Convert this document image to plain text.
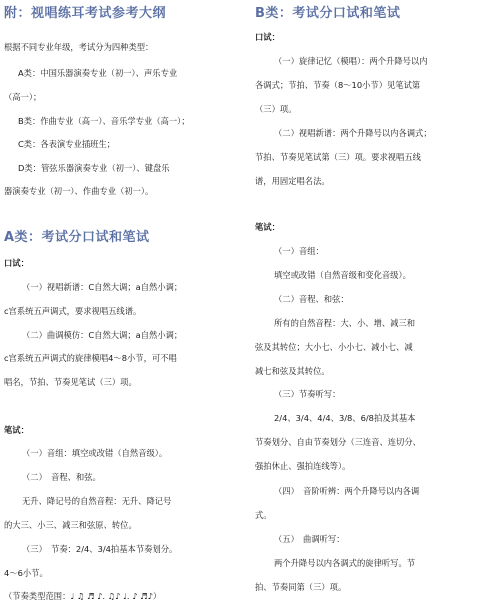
附：视唱练耳考试参考大纲
根据不同专业年级，考试分为四种类型：
A类：中国乐器演奏专业（初一）、声乐专业
（高一）；
B类：作曲专业（高一）、音乐学专业（高一）；
C类：各表演专业插班生；
D类：管弦乐器演奏专业（初一）、键盘乐
器演奏专业（初一）、作曲专业（初一）。
A类：考试分口试和笔试
口试：
（一）视唱新谱：C自然大调；a自然小调；
c宫系统五声调式，要求视唱五线谱。
（二）曲调模仿：C自然大调；a自然小调；
c宫系统五声调式的旋律模唱4～8小节，可不唱
唱名，节拍、节奏见笔试（三）项。
笔试：
（一）音组：填空或改错（自然音级）。
（二）　音程、和弦。
无升、降记号的自然音程：无升、降记号
的大三、小三、减三和弦原、转位。
（三）　节奏：2/4、3/4拍基本节奏划分。
4～6小节。
（节奏类型范围：♩ ♫ ♬ ♪. ♫♪ ♩. ♪ ♬♪）
B类：考试分口试和笔试
口试：
（一）旋律记忆（模唱）：两个升降号以内
各调式；节拍、节奏（8～10小节）见笔试第
（三）项。
（二）视唱新谱：两个升降号以内各调式；
节拍、节奏见笔试第（三）项。要求视唱五线
谱，用固定唱名法。
笔试：
（一）音组：
填空或改错（自然音级和变化音级）。
（二）音程、和弦：
所有的自然音程：大、小、增、减三和
弦及其转位；大小七、小小七、减小七、减
减七和弦及其转位。
（三）节奏听写：
2/4、3/4、4/4、3/8、6/8拍及其基本
节奏划分、自由节奏划分（三连音、连切分、
强拍休止、强拍连线等）。
（四）　音阶听辨：两个升降号以内各调
式。
（五）　曲调听写：
两个升降号以内各调式的旋律听写。节
拍、节奏同第（三）项。
